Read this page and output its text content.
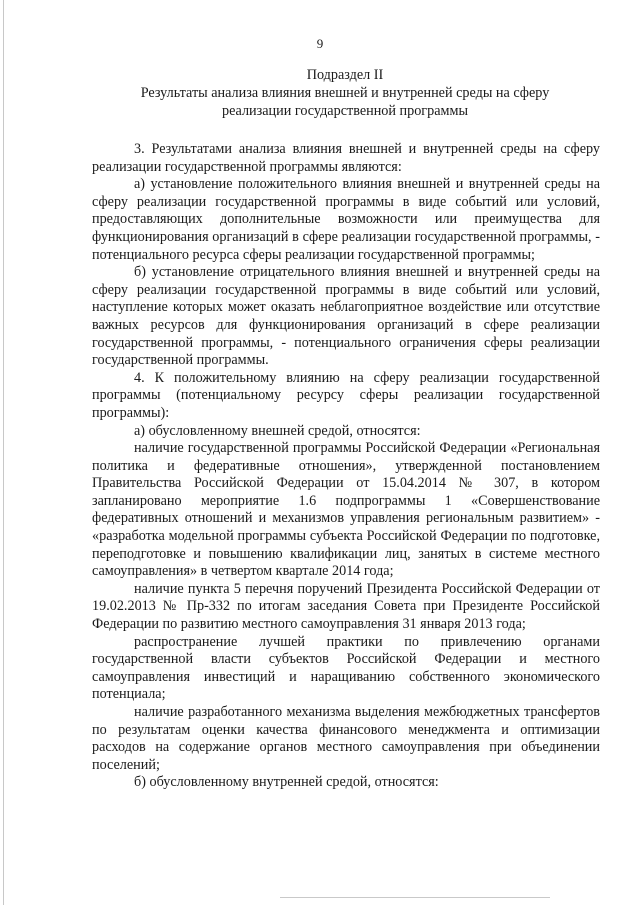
9
Подраздел II
Результаты анализа влияния внешней и внутренней среды на сферу
реализации государственной программы

3. Результатами анализа влияния внешней и внутренней среды на сферу реализации государственной программы являются:

а) установление положительного влияния внешней и внутренней среды на сферу реализации государственной программы в виде событий или условий, предоставляющих дополнительные возможности или преимущества для функционирования организаций в сфере реализации государственной программы, - потенциального ресурса сферы реализации государственной программы;

б) установление отрицательного влияния внешней и внутренней среды на сферу реализации государственной программы в виде событий или условий, наступление которых может оказать неблагоприятное воздействие или отсутствие важных ресурсов для функционирования организаций в сфере реализации государственной программы, - потенциального ограничения сферы реализации государственной программы.

4. К положительному влиянию на сферу реализации государственной программы (потенциальному ресурсу сферы реализации государственной программы):

а) обусловленному внешней средой, относятся:

наличие государственной программы Российской Федерации «Региональная политика и федеративные отношения», утвержденной постановлением Правительства Российской Федерации от 15.04.2014 № 307, в котором запланировано мероприятие 1.6 подпрограммы 1 «Совершенствование федеративных отношений и механизмов управления региональным развитием» - «разработка модельной программы субъекта Российской Федерации по подготовке, переподготовке и повышению квалификации лиц, занятых в системе местного самоуправления» в четвертом квартале 2014 года;

наличие пункта 5 перечня поручений Президента Российской Федерации от 19.02.2013 № Пр-332 по итогам заседания Совета при Президенте Российской Федерации по развитию местного самоуправления 31 января 2013 года;

распространение лучшей практики по привлечению органами государственной власти субъектов Российской Федерации и местного самоуправления инвестиций и наращиванию собственного экономического потенциала;

наличие разработанного механизма выделения межбюджетных трансфертов по результатам оценки качества финансового менеджмента и оптимизации расходов на содержание органов местного самоуправления при объединении поселений;

б) обусловленному внутренней средой, относятся:
